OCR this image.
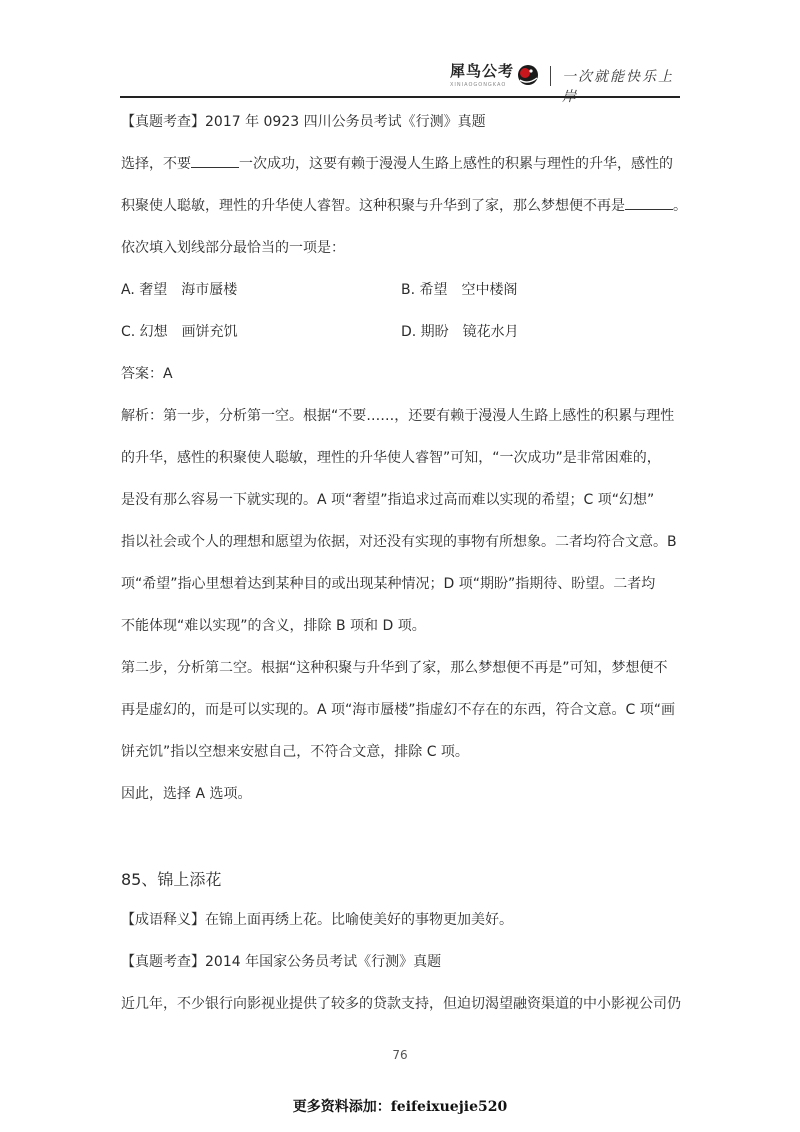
犀鸟公考
XINIAOGONGKAO	一次就能快乐上岸
【真题考查】2017 年 0923 四川公务员考试《行测》真题
选择，不要	一次成功，这要有赖于漫漫人生路上感性的积累与理性的升华，感性的
积聚使人聪敏，理性的升华使人睿智。这种积聚与升华到了家，那么梦想便不再是	。
依次填入划线部分最恰当的一项是：
A. 奢望　海市蜃楼	B. 希望　空中楼阁
C. 幻想　画饼充饥	D. 期盼　镜花水月
答案：A
解析：第一步，分析第一空。根据“不要……，还要有赖于漫漫人生路上感性的积累与理性
的升华，感性的积聚使人聪敏，理性的升华使人睿智”可知，“一次成功”是非常困难的，
是没有那么容易一下就实现的。A 项“奢望”指追求过高而难以实现的希望；C 项“幻想”
指以社会或个人的理想和愿望为依据，对还没有实现的事物有所想象。二者均符合文意。B
项“希望”指心里想着达到某种目的或出现某种情况；D 项“期盼”指期待、盼望。二者均
不能体现“难以实现”的含义，排除 B 项和 D 项。
第二步，分析第二空。根据“这种积聚与升华到了家，那么梦想便不再是”可知，梦想便不
再是虚幻的，而是可以实现的。A 项“海市蜃楼”指虚幻不存在的东西，符合文意。C 项“画
饼充饥”指以空想来安慰自己，不符合文意，排除 C 项。
因此，选择 A 选项。
85、锦上添花
【成语释义】在锦上面再绣上花。比喻使美好的事物更加美好。
【真题考查】2014 年国家公务员考试《行测》真题
近几年，不少银行向影视业提供了较多的贷款支持，但迫切渴望融资渠道的中小影视公司仍
76
更多资料添加：feifeixuejie520
